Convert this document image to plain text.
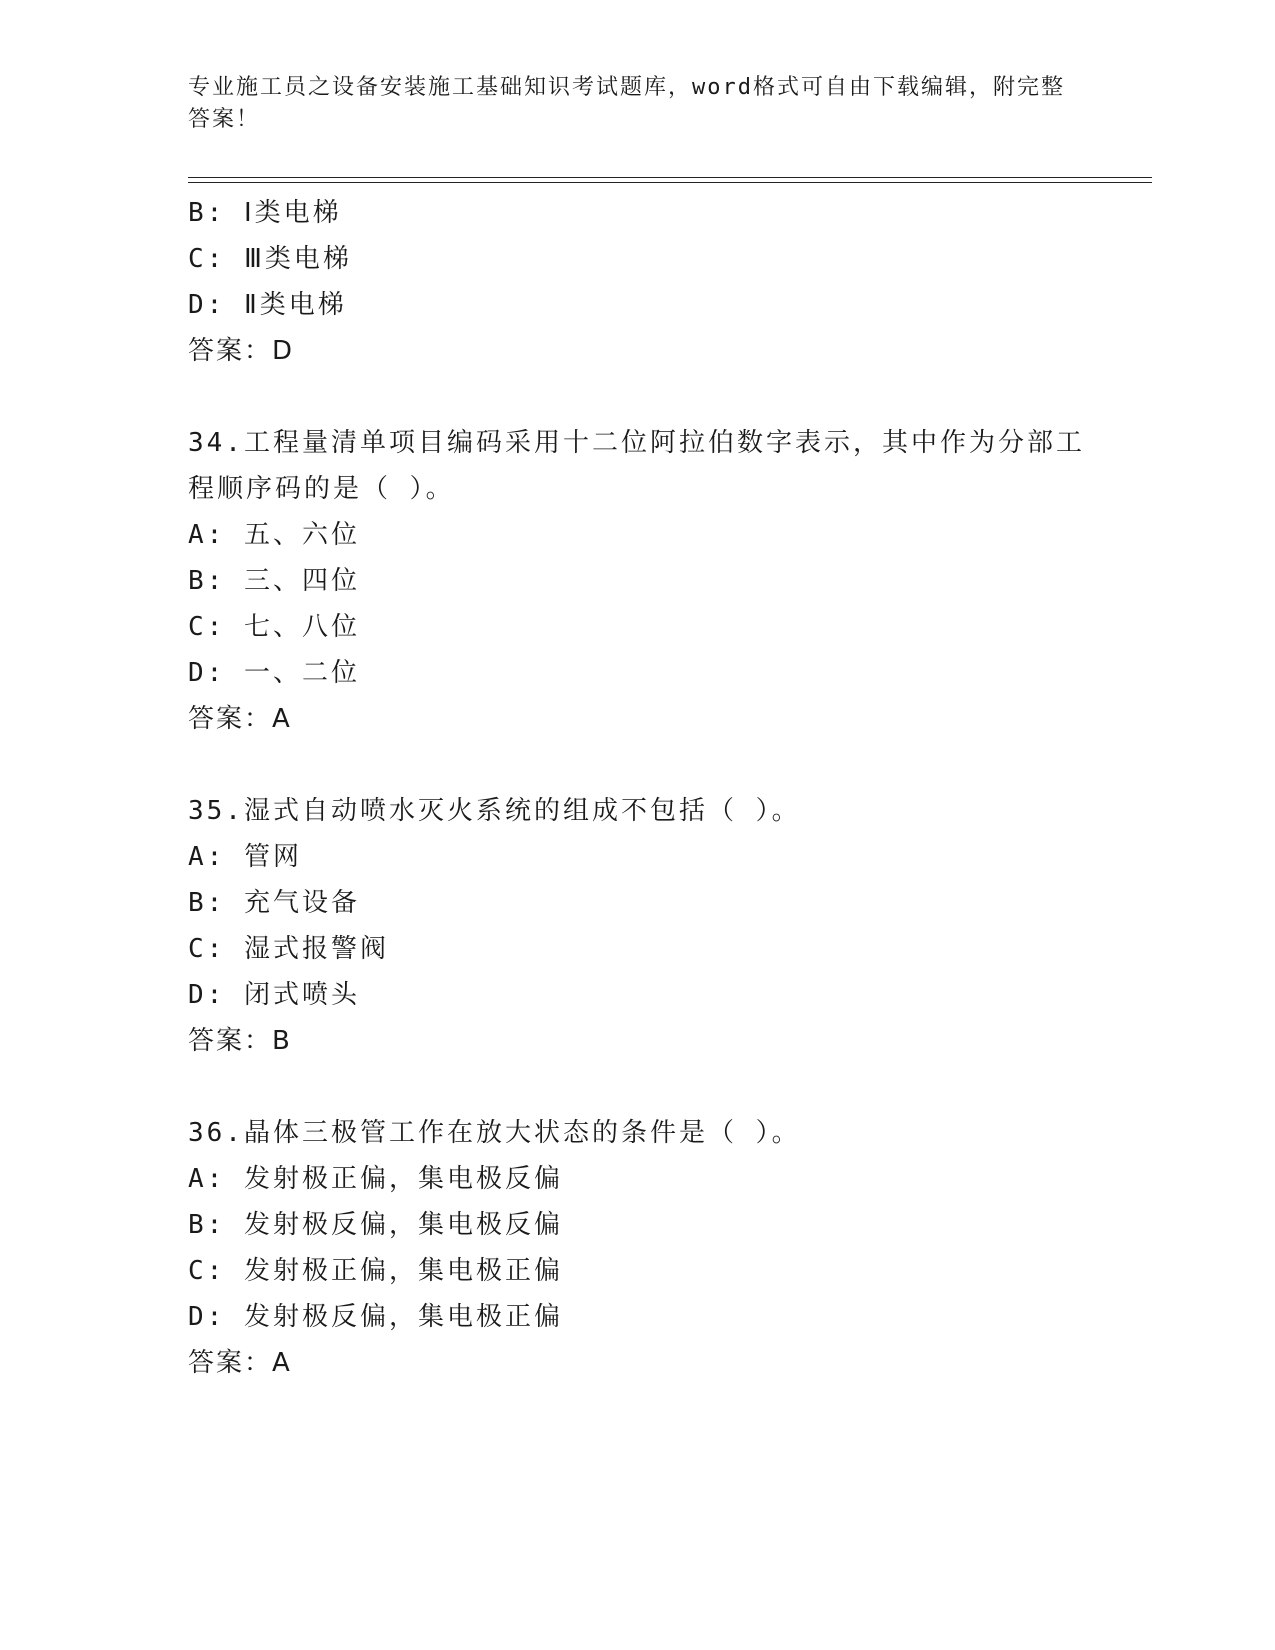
专业施工员之设备安装施工基础知识考试题库，word格式可自由下载编辑，附完整答案！
B: Ⅰ类电梯
C: Ⅲ类电梯
D: Ⅱ类电梯
答案：D
34.工程量清单项目编码采用十二位阿拉伯数字表示，其中作为分部工程顺序码的是（ ）。
A: 五、六位
B: 三、四位
C: 七、八位
D: 一、二位
答案：A
35.湿式自动喷水灭火系统的组成不包括（ ）。
A: 管网
B: 充气设备
C: 湿式报警阀
D: 闭式喷头
答案：B
36.晶体三极管工作在放大状态的条件是（ ）。
A: 发射极正偏，集电极反偏
B: 发射极反偏，集电极反偏
C: 发射极正偏，集电极正偏
D: 发射极反偏，集电极正偏
答案：A
